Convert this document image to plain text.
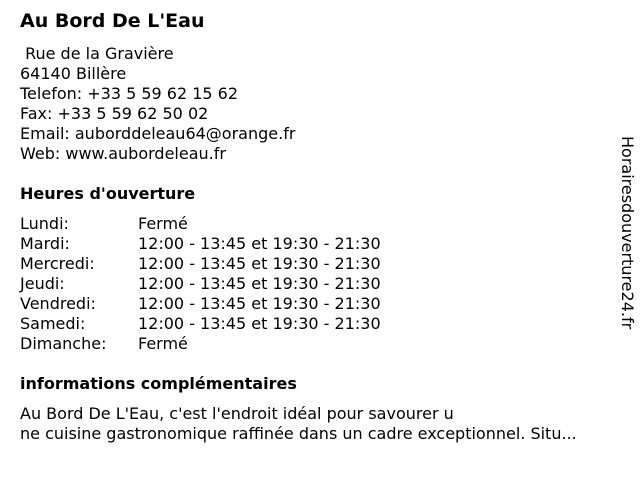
Au Bord De L'Eau
Rue de la Gravière
64140 Billère
Telefon: +33 5 59 62 15 62
Fax: +33 5 59 62 50 02
Email: auborddeleau64@orange.fr
Web: www.aubordeleau.fr
Heures d'ouverture
Lundi:	Fermé
Mardi:	12:00 - 13:45 et 19:30 - 21:30
Mercredi:	12:00 - 13:45 et 19:30 - 21:30
Jeudi:	12:00 - 13:45 et 19:30 - 21:30
Vendredi:	12:00 - 13:45 et 19:30 - 21:30
Samedi:	12:00 - 13:45 et 19:30 - 21:30
Dimanche:	Fermé
informations complémentaires
Au Bord De L'Eau, c'est l'endroit idéal pour savourer u
ne cuisine gastronomique raffinée dans un cadre exceptionnel. Situ...
Horairesdouverture24.fr
